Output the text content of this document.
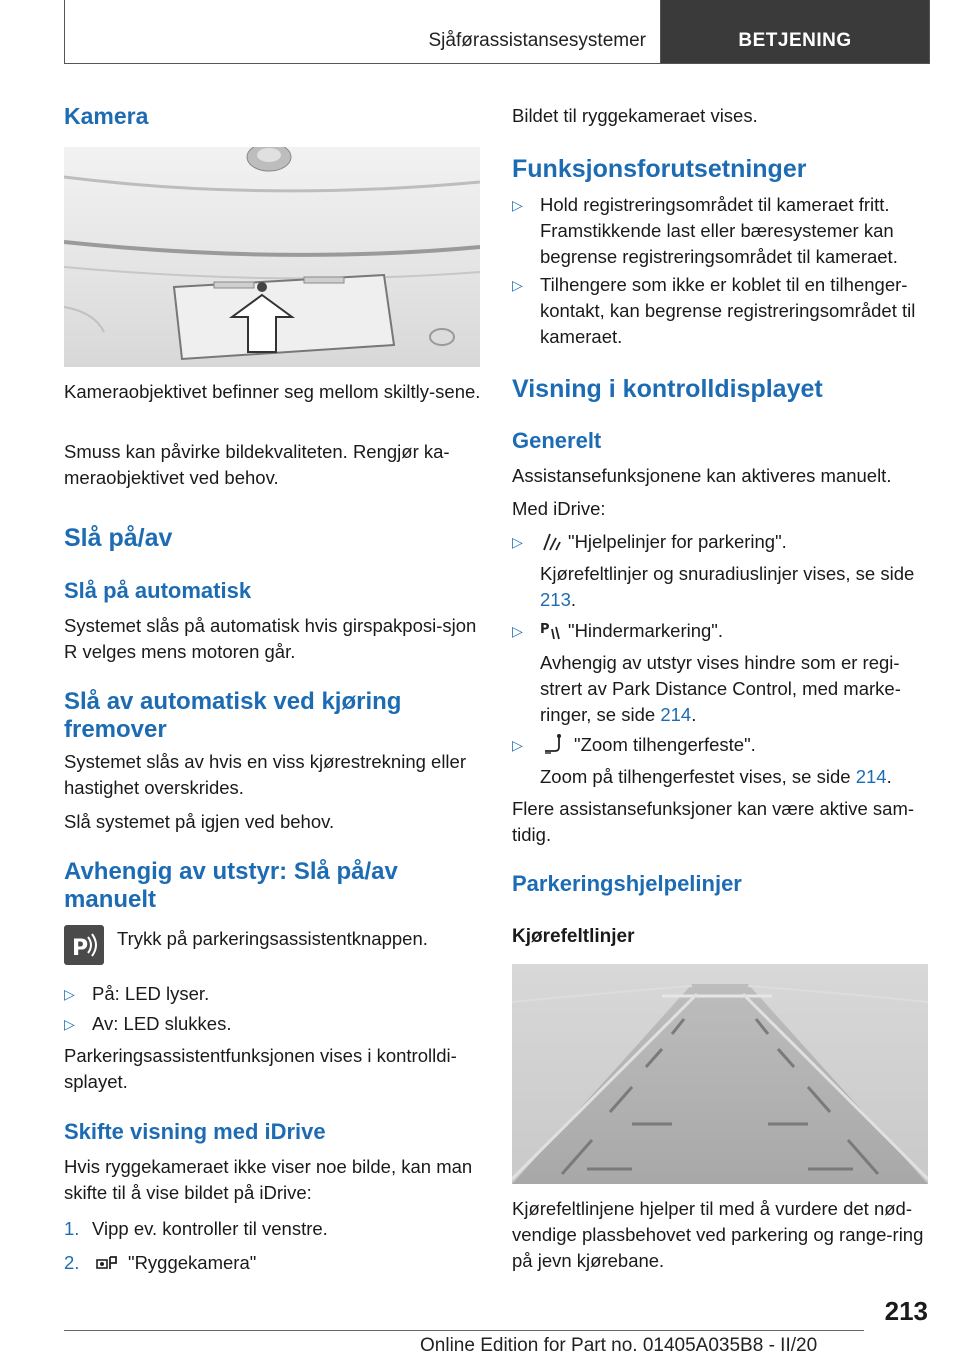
Sjåførassistansesystemer	BETJENING
Kamera
Kameraobjektivet befinner seg mellom skiltly-sene.
Smuss kan påvirke bildekvaliteten. Rengjør ka-meraobjektivet ved behov.
Slå på/av
Slå på automatisk
Systemet slås på automatisk hvis girspakposi-sjon R velges mens motoren går.
Slå av automatisk ved kjøring fremover
Systemet slås av hvis en viss kjørestrekning eller hastighet overskrides.
Slå systemet på igjen ved behov.
Avhengig av utstyr: Slå på/av manuelt
P Trykk på parkeringsassistentknappen.
▷ På: LED lyser.
▷ Av: LED slukkes.
Parkeringsassistentfunksjonen vises i kontrolldi-splayet.
Skifte visning med iDrive
Hvis ryggekameraet ikke viser noe bilde, kan man skifte til å vise bildet på iDrive:
1. Vipp ev. kontroller til venstre.
2.	"Ryggekamera"
Bildet til ryggekameraet vises.
Funksjonsforutsetninger
▷ Hold registreringsområdet til kameraet fritt. Framstikkende last eller bæresystemer kan begrense registreringsområdet til kameraet.
▷ Tilhengere som ikke er koblet til en tilhenger-kontakt, kan begrense registreringsområdet til kameraet.
Visning i kontrolldisplayet
Generelt
Assistansefunksjonene kan aktiveres manuelt.
Med iDrive:
▷ "Hjelpelinjer for parkering".
Kjørefeltlinjer og snuradiuslinjer vises, se side 213.
▷ P "Hindermarkering".
Avhengig av utstyr vises hindre som er regi-strert av Park Distance Control, med marke-ringer, se side 214.
▷	"Zoom tilhengerfeste".
Zoom på tilhengerfestet vises, se side 214.
Flere assistansefunksjoner kan være aktive sam-tidig.
Parkeringshjelpelinjer
Kjørefeltlinjer
Kjørefeltlinjene hjelper til med å vurdere det nød-vendige plassbehovet ved parkering og range-ring på jevn kjørebane.
213
Online Edition for Part no. 01405A035B8 - II/20
